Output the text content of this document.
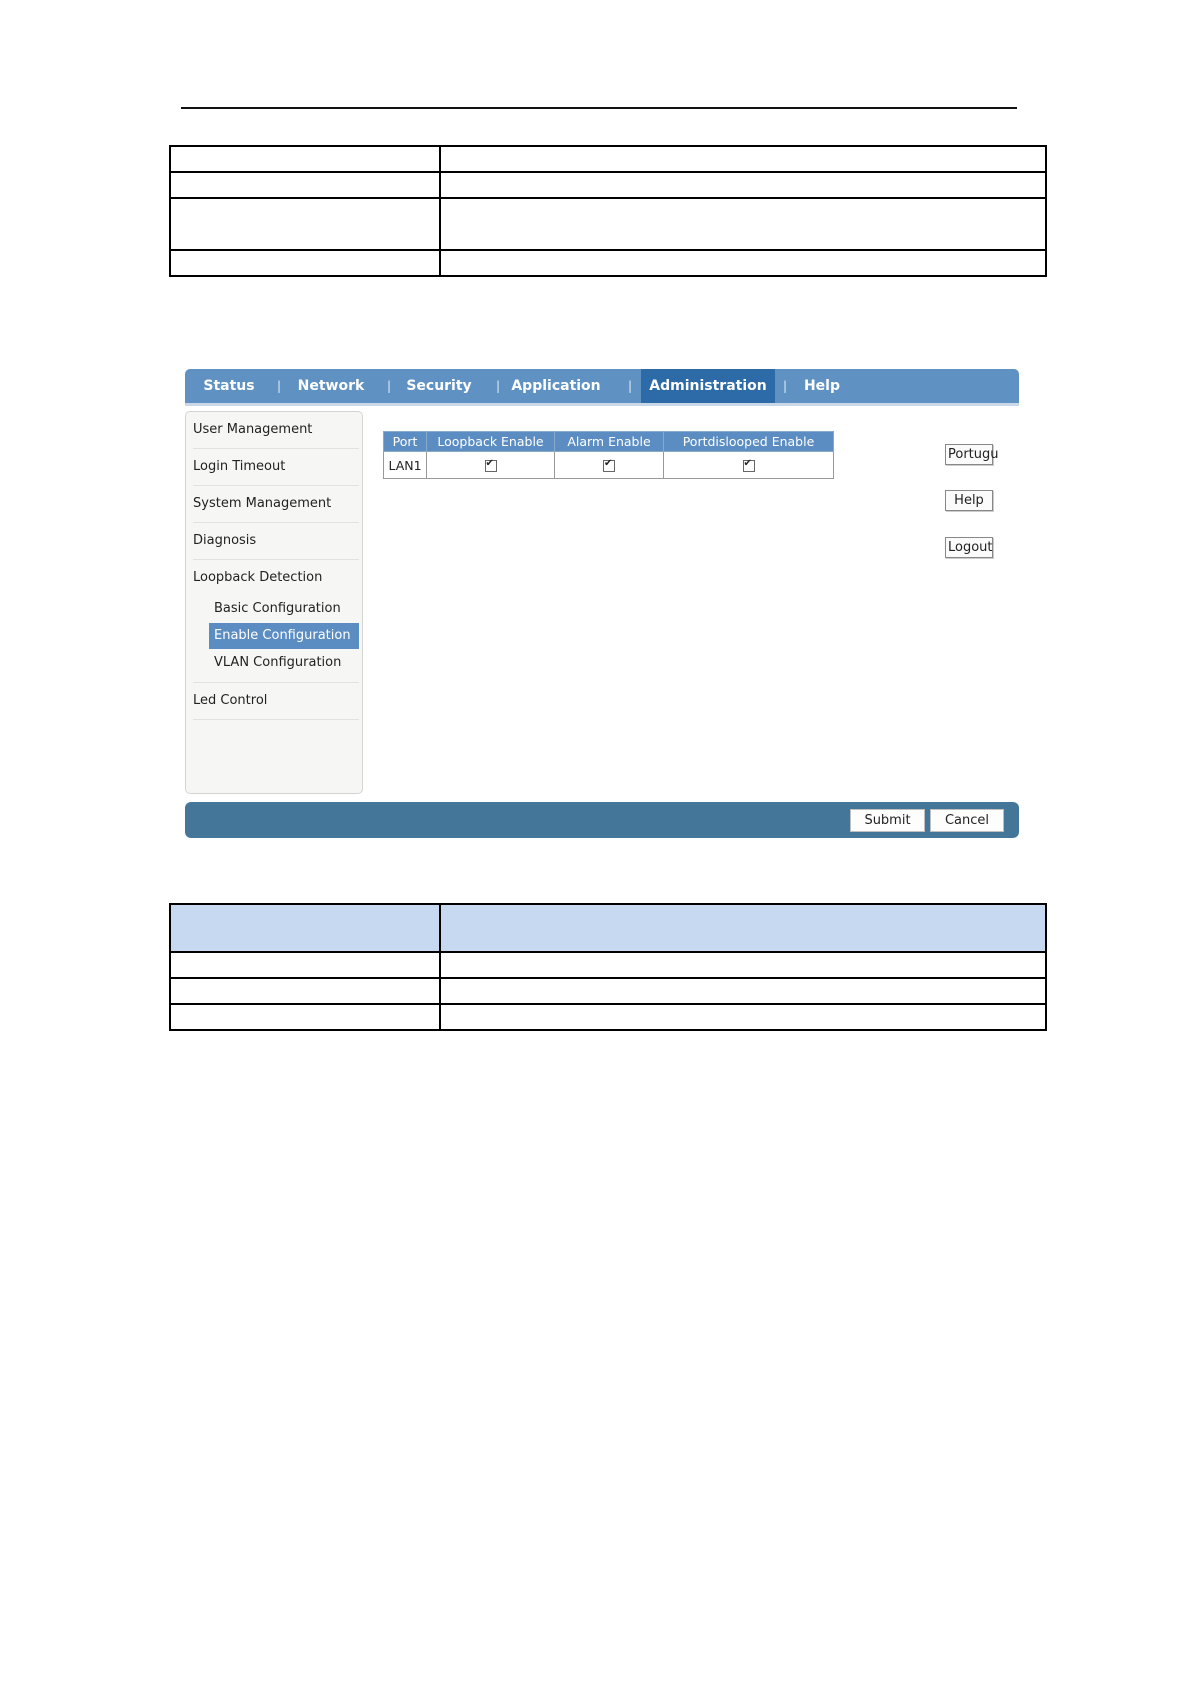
Status	| Network | Security | Application |	Administration	|	Help
User Management
Login Timeout
System Management
Diagnosis
Loopback Detection
Basic Configuration
Enable Configuration
VLAN Configuration
Led Control
Port	Loopback Enable	Alarm Enable	Portdislooped Enable
LAN1	✔	✔	✔
Portugu
Help
Logout
Submit	Cancel
